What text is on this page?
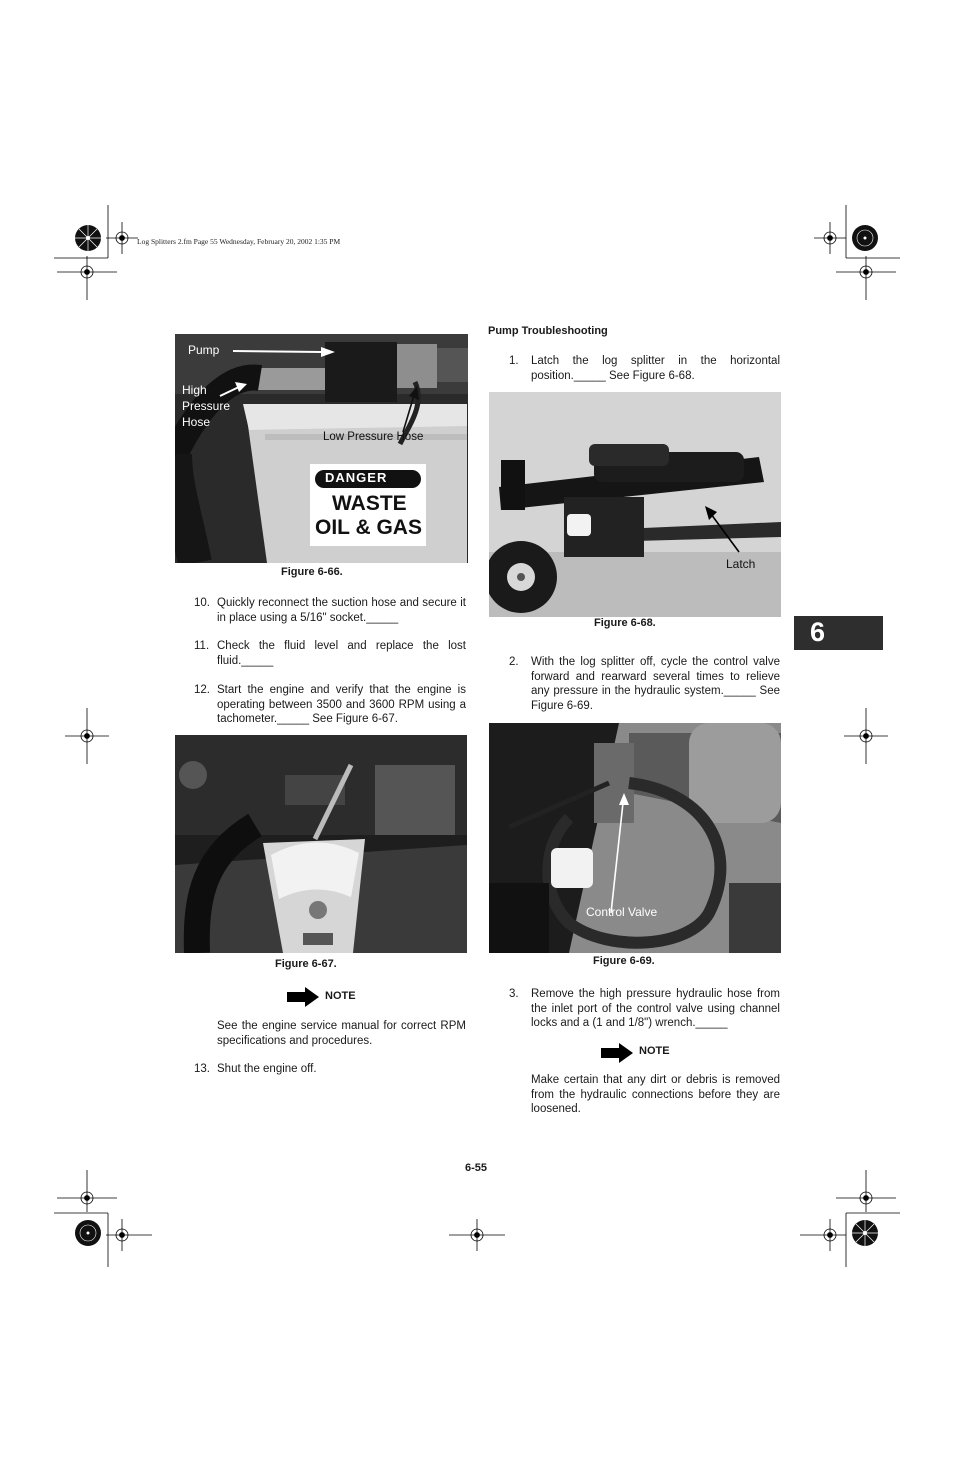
Log Splitters 2.fm Page 55 Wednesday, February 20, 2002 1:35 PM
6
Pump
High
Pressure
Hose
Low Pressure Hose
DANGER
WASTE
OIL & GAS
Figure 6-66.
10. Quickly reconnect the suction hose and secure it in place using a 5/16" socket._____
11. Check the fluid level and replace the lost fluid._____
12. Start the engine and verify that the engine is operating between 3500 and 3600 RPM using a tachometer._____ See Figure 6-67.
Figure 6-67.
NOTE
See the engine service manual for correct RPM specifications and procedures.
13. Shut the engine off.
Pump Troubleshooting
1. Latch the log splitter in the horizontal position._____ See Figure 6-68.
Latch
Figure 6-68.
2. With the log splitter off, cycle the control valve forward and rearward several times to relieve any pressure in the hydraulic system._____ See Figure 6-69.
Control Valve
Figure 6-69.
3. Remove the high pressure hydraulic hose from the inlet port of the control valve using channel locks and a (1 and 1/8") wrench._____
NOTE
Make certain that any dirt or debris is removed from the hydraulic connections before they are loosened.
6-55
